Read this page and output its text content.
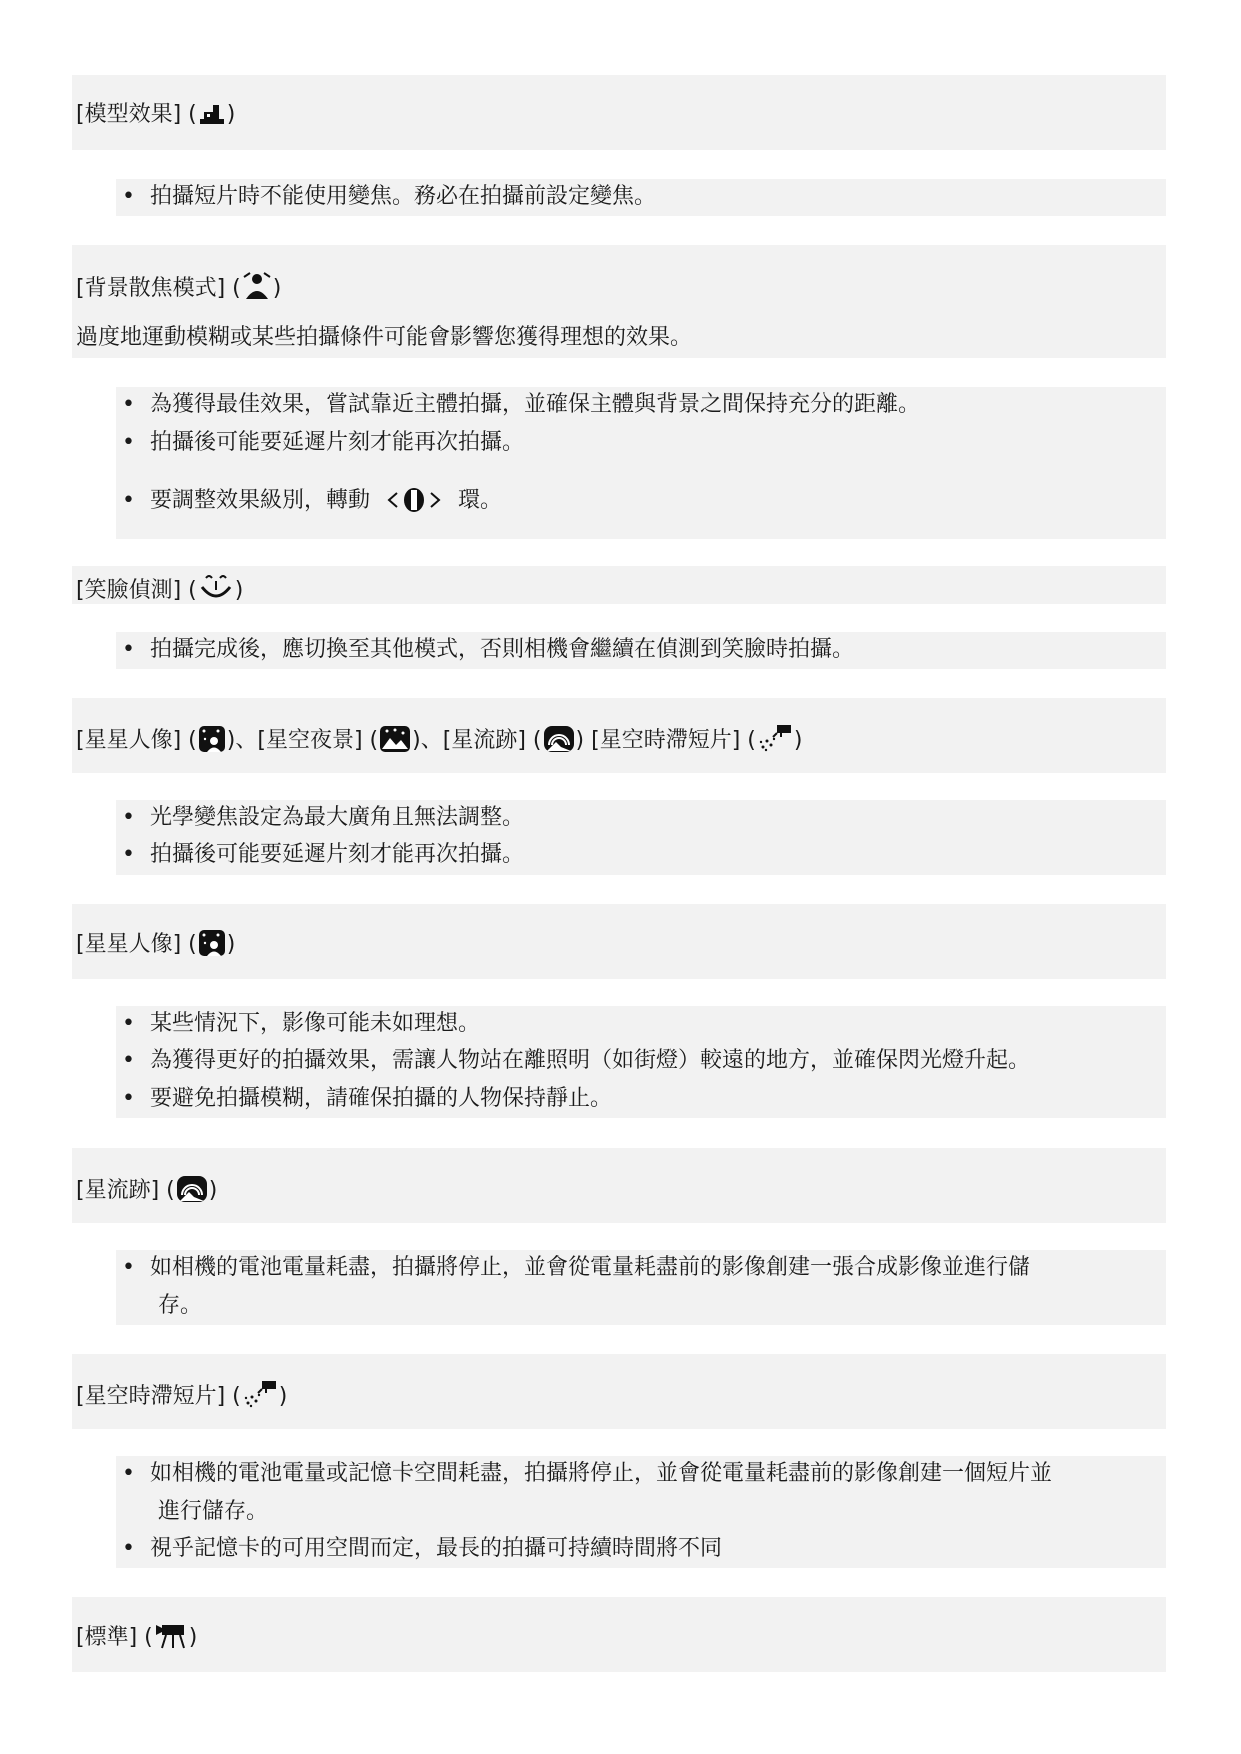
[模型效果] ( )
• 拍攝短片時不能使用變焦。務必在拍攝前設定變焦。
[背景散焦模式] ( )
過度地運動模糊或某些拍攝條件可能會影響您獲得理想的效果。
• 為獲得最佳效果，嘗試靠近主體拍攝，並確保主體與背景之間保持充分的距離。
• 拍攝後可能要延遲片刻才能再次拍攝。
• 要調整效果級別，轉動	環。
[笑臉偵測] ( )
• 拍攝完成後，應切換至其他模式，否則相機會繼續在偵測到笑臉時拍攝。
[星星人像] ( )、[星空夜景] ( )、[星流跡] ( ) [星空時滯短片] ( )
• 光學變焦設定為最大廣角且無法調整。
• 拍攝後可能要延遲片刻才能再次拍攝。
[星星人像] ( )
• 某些情況下，影像可能未如理想。
• 為獲得更好的拍攝效果，需讓人物站在離照明（如街燈）較遠的地方，並確保閃光燈升起。
• 要避免拍攝模糊，請確保拍攝的人物保持靜止。
[星流跡] ( )
• 如相機的電池電量耗盡，拍攝將停止，並會從電量耗盡前的影像創建一張合成影像並進行儲
存。
[星空時滯短片] ( )
• 如相機的電池電量或記憶卡空間耗盡，拍攝將停止，並會從電量耗盡前的影像創建一個短片並
進行儲存。
• 視乎記憶卡的可用空間而定，最長的拍攝可持續時間將不同
[標準] ( )
